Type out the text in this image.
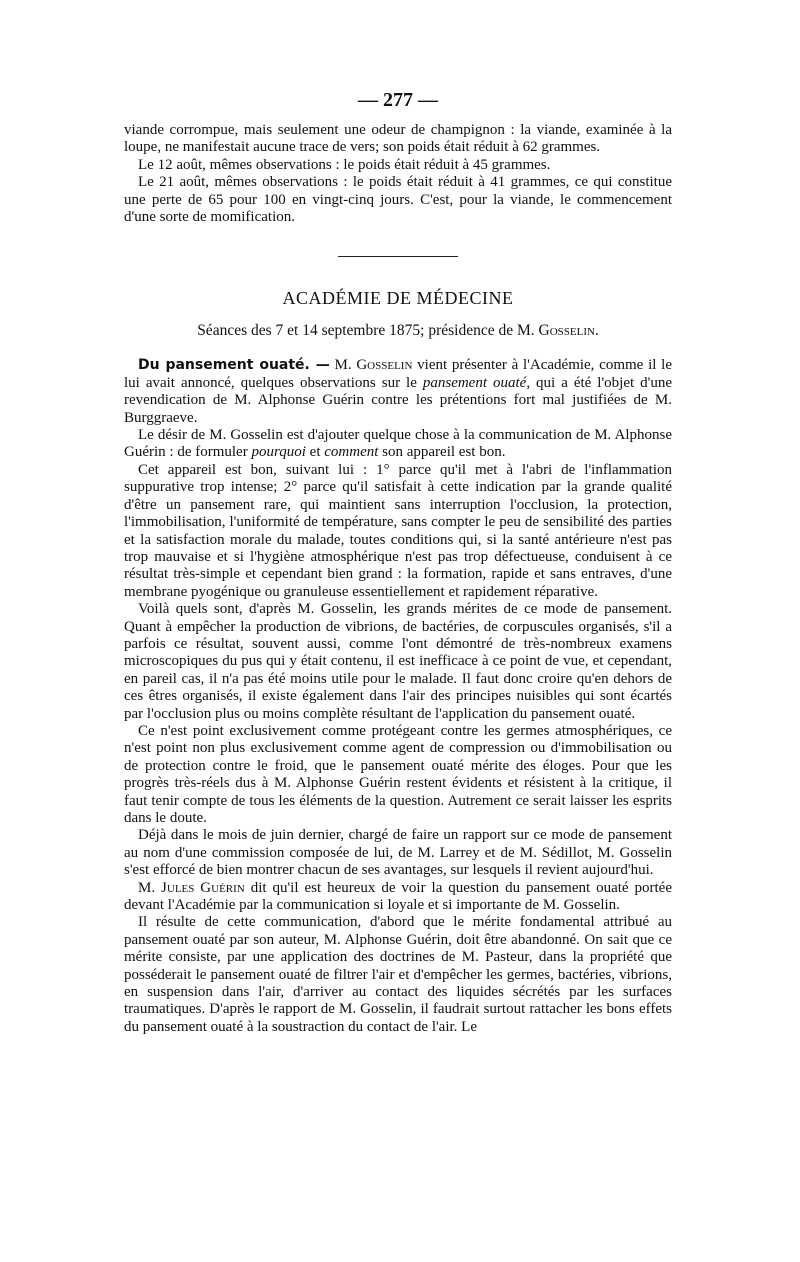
— 277 —

viande corrompue, mais seulement une odeur de champignon : la viande, examinée à la loupe, ne manifestait aucune trace de vers; son poids était réduit à 62 grammes.

Le 12 août, mêmes observations : le poids était réduit à 45 grammes.

Le 21 août, mêmes observations : le poids était réduit à 41 grammes, ce qui constitue une perte de 65 pour 100 en vingt-cinq jours. C'est, pour la viande, le commencement d'une sorte de momification.

ACADÉMIE DE MÉDECINE
Séances des 7 et 14 septembre 1875; présidence de M. Gosselin.

Du pansement ouaté. — M. Gosselin vient présenter à l'Académie, comme il le lui avait annoncé, quelques observations sur le pansement ouaté, qui a été l'objet d'une revendication de M. Alphonse Guérin contre les prétentions fort mal justifiées de M. Burggraeve.

Le désir de M. Gosselin est d'ajouter quelque chose à la communication de M. Alphonse Guérin : de formuler pourquoi et comment son appareil est bon.

Cet appareil est bon, suivant lui : 1° parce qu'il met à l'abri de l'inflammation suppurative trop intense; 2° parce qu'il satisfait à cette indication par la grande qualité d'être un pansement rare, qui maintient sans interruption l'occlusion, la protection, l'immobilisation, l'uniformité de température, sans compter le peu de sensibilité des parties et la satisfaction morale du malade, toutes conditions qui, si la santé antérieure n'est pas trop mauvaise et si l'hygiène atmosphérique n'est pas trop défectueuse, conduisent à ce résultat très-simple et cependant bien grand : la formation, rapide et sans entraves, d'une membrane pyogénique ou granuleuse essentiellement et rapidement réparative.

Voilà quels sont, d'après M. Gosselin, les grands mérites de ce mode de pansement. Quant à empêcher la production de vibrions, de bactéries, de corpuscules organisés, s'il a parfois ce résultat, souvent aussi, comme l'ont démontré de très-nombreux examens microscopiques du pus qui y était contenu, il est inefficace à ce point de vue, et cependant, en pareil cas, il n'a pas été moins utile pour le malade. Il faut donc croire qu'en dehors de ces êtres organisés, il existe également dans l'air des principes nuisibles qui sont écartés par l'occlusion plus ou moins complète résultant de l'application du pansement ouaté.

Ce n'est point exclusivement comme protégeant contre les germes atmosphériques, ce n'est point non plus exclusivement comme agent de compression ou d'immobilisation ou de protection contre le froid, que le pansement ouaté mérite des éloges. Pour que les progrès très-réels dus à M. Alphonse Guérin restent évidents et résistent à la critique, il faut tenir compte de tous les éléments de la question. Autrement ce serait laisser les esprits dans le doute.

Déjà dans le mois de juin dernier, chargé de faire un rapport sur ce mode de pansement au nom d'une commission composée de lui, de M. Larrey et de M. Sédillot, M. Gosselin s'est efforcé de bien montrer chacun de ses avantages, sur lesquels il revient aujourd'hui.

M. Jules Guérin dit qu'il est heureux de voir la question du pansement ouaté portée devant l'Académie par la communication si loyale et si importante de M. Gosselin.

Il résulte de cette communication, d'abord que le mérite fondamental attribué au pansement ouaté par son auteur, M. Alphonse Guérin, doit être abandonné. On sait que ce mérite consiste, par une application des doctrines de M. Pasteur, dans la propriété que posséderait le pansement ouaté de filtrer l'air et d'empêcher les germes, bactéries, vibrions, en suspension dans l'air, d'arriver au contact des liquides sécrétés par les surfaces traumatiques. D'après le rapport de M. Gosselin, il faudrait surtout rattacher les bons effets du pansement ouaté à la soustraction du contact de l'air. Le
